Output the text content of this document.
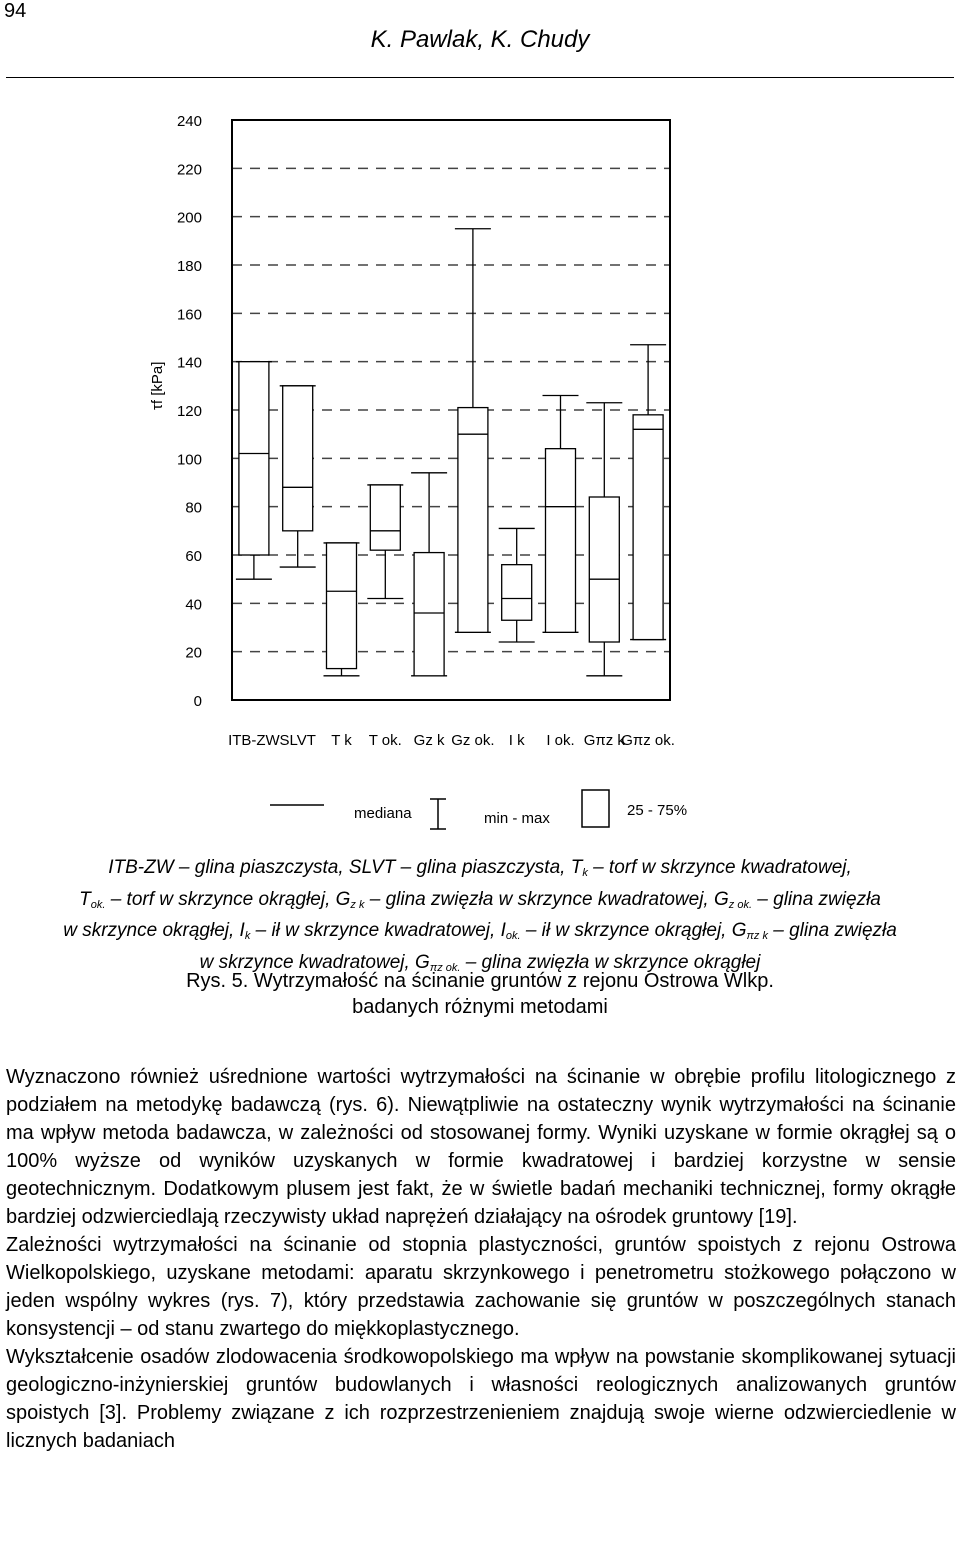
94
K. Pawlak, K. Chudy
0
20
40
60
80
100
120
140
160
180
200
220
240
ITB-ZW SLVT T k T ok. Gz k Gz ok. I k I ok. Gπz k
Gπz ok.
τf [kPa]
mediana	min - max	25 - 75%
ITB-ZW – glina piaszczysta, SLVT – glina piaszczysta, $T_k$ – torf w skrzynce kwadratowej,
$T_{ok.}$ – torf w skrzynce okrągłej, $G_{z k}$ – glina zwięzła w skrzynce kwadratowej, $G_{z ok.}$ – glina zwięzła
w skrzynce okrągłej, $I_k$ – ił w skrzynce kwadratowej, $I_{ok.}$ – ił w skrzynce okrągłej, $G_{\pi z k}$ – glina zwięzła
w skrzynce kwadratowej, $G_{\pi z ok.}$ – glina zwięzła w skrzynce okrągłej
Rys. 5. Wytrzymałość na ścinanie gruntów z rejonu Ostrowa Wlkp.
badanych różnymi metodami

Wyznaczono również uśrednione wartości wytrzymałości na ścinanie w obrębie profilu litologicznego z podziałem na metodykę badawczą (rys. 6). Niewątpliwie na ostateczny wynik wytrzymałości na ścinanie ma wpływ metoda badawcza, w zależności od stosowanej formy. Wyniki uzyskane w formie okrągłej są o 100% wyższe od wyników uzyskanych w formie kwadratowej i bardziej korzystne w sensie geotechnicznym. Dodatkowym plusem jest fakt, że w świetle badań mechaniki technicznej, formy okrągłe bardziej odzwierciedlają rzeczywisty układ naprężeń działający na ośrodek gruntowy [19].

Zależności wytrzymałości na ścinanie od stopnia plastyczności, gruntów spoistych z rejonu Ostrowa Wielkopolskiego, uzyskane metodami: aparatu skrzynkowego i penetrometru stożkowego połączono w jeden wspólny wykres (rys. 7), który przedstawia zachowanie się gruntów w poszczególnych stanach konsystencji – od stanu zwartego do miękkoplastycznego.

Wykształcenie osadów zlodowacenia środkowopolskiego ma wpływ na powstanie skomplikowanej sytuacji geologiczno-inżynierskiej gruntów budowlanych i własności reologicznych analizowanych gruntów spoistych [3]. Problemy związane z ich rozprzestrzenieniem znajdują swoje wierne odzwierciedlenie w licznych badaniach
